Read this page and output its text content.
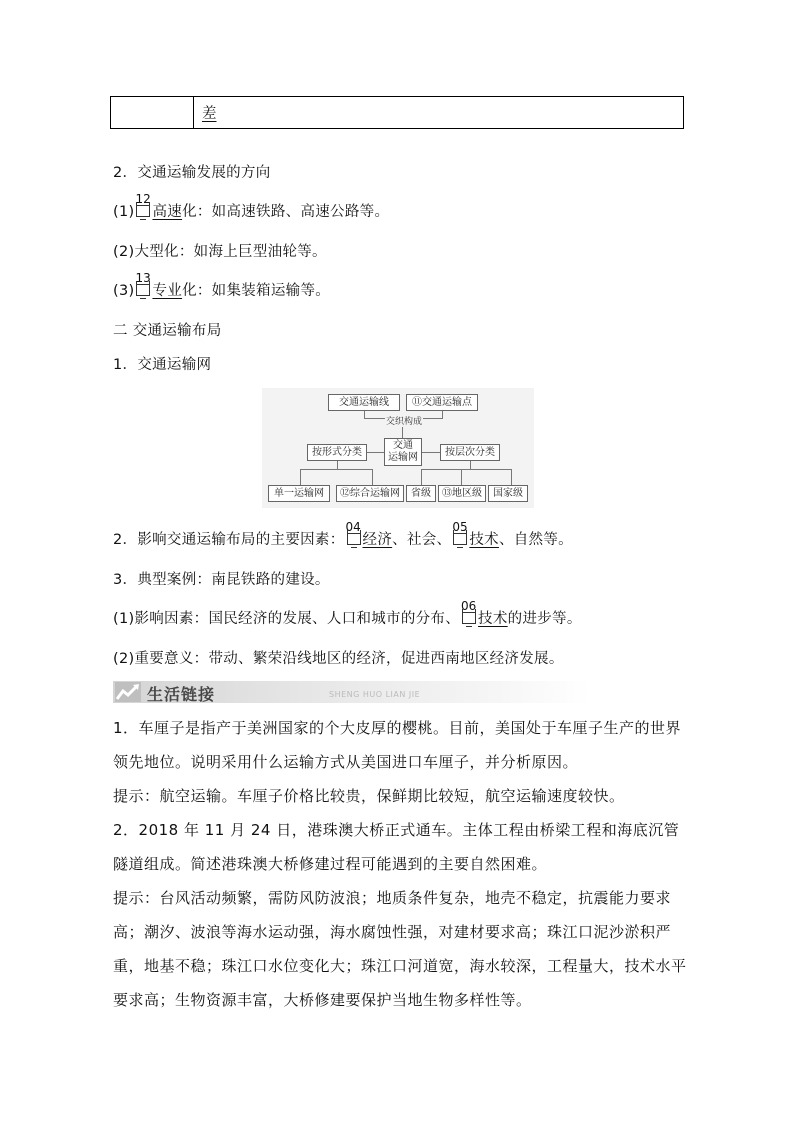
差
2．交通运输发展的方向
(1)
12
高速化：如高速铁路、高速公路等。
(2)大型化：如海上巨型油轮等。
(3)
13
专业化：如集装箱运输等。
二 交通运输布局
1．交通运输网
交通运输线	⑪交通运输点
交织构成
交通
运输网
按形式分类	按层次分类
单一运输网	⑫综合运输网	省级	⑬地区级	国家级
2．影响交通运输布局的主要因素：
04
经济、社会、
05
技术、自然等。
3．典型案例：南昆铁路的建设。
(1)影响因素：国民经济的发展、人口和城市的分布、
06
技术的进步等。
(2)重要意义：带动、繁荣沿线地区的经济，促进西南地区经济发展。
生活链接	SHENG HUO LIAN JIE
1．车厘子是指产于美洲国家的个大皮厚的樱桃。目前，美国处于车厘子生产的世界领先地位。说明采用什么运输方式从美国进口车厘子，并分析原因。
提示：航空运输。车厘子价格比较贵，保鲜期比较短，航空运输速度较快。
2．2018 年 11 月 24 日，港珠澳大桥正式通车。主体工程由桥梁工程和海底沉管隧道组成。简述港珠澳大桥修建过程可能遇到的主要自然困难。
提示：台风活动频繁，需防风防波浪；地质条件复杂，地壳不稳定，抗震能力要求高；潮汐、波浪等海水运动强，海水腐蚀性强，对建材要求高；珠江口泥沙淤积严重，地基不稳；珠江口水位变化大；珠江口河道宽，海水较深，工程量大，技术水平要求高；生物资源丰富，大桥修建要保护当地生物多样性等。
